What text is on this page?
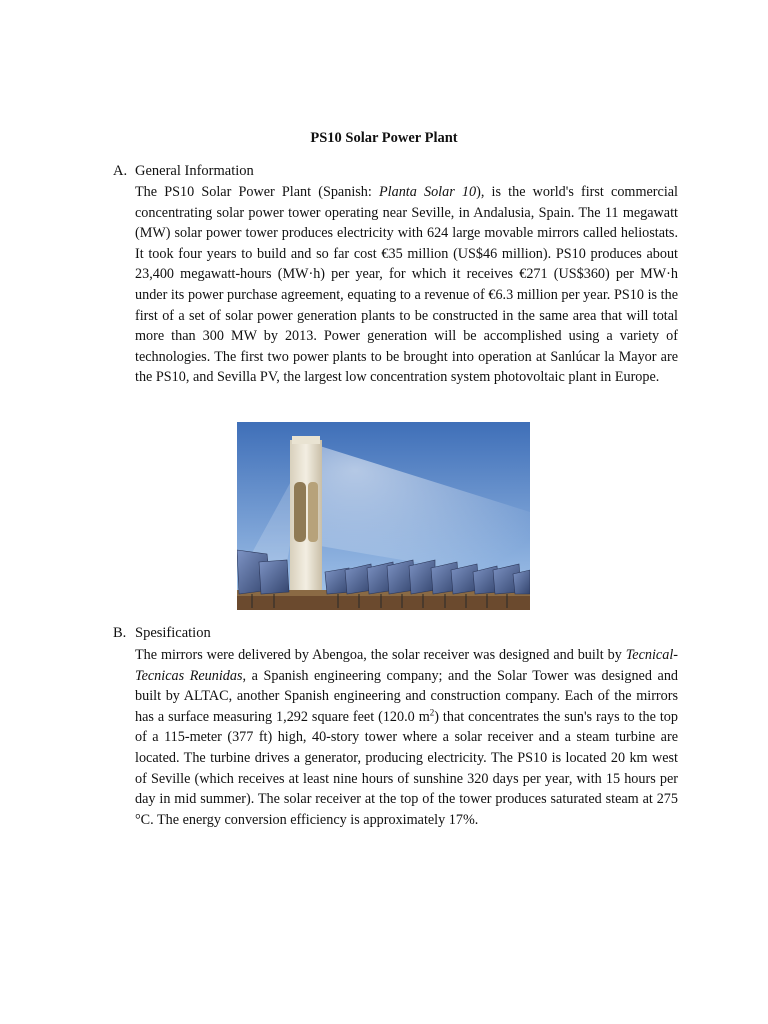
PS10 Solar Power Plant
A. General Information

The PS10 Solar Power Plant (Spanish: Planta Solar 10), is the world's first commercial concentrating solar power tower operating near Seville, in Andalusia, Spain. The 11 megawatt (MW) solar power tower produces electricity with 624 large movable mirrors called heliostats. It took four years to build and so far cost €35 million (US$46 million). PS10 produces about 23,400 megawatt-hours (MW·h) per year, for which it receives €271 (US$360) per MW·h under its power purchase agreement, equating to a revenue of €6.3 million per year. PS10 is the first of a set of solar power generation plants to be constructed in the same area that will total more than 300 MW by 2013. Power generation will be accomplished using a variety of technologies. The first two power plants to be brought into operation at Sanlúcar la Mayor are the PS10, and Sevilla PV, the largest low concentration system photovoltaic plant in Europe.

B. Spesification

The mirrors were delivered by Abengoa, the solar receiver was designed and built by Tecnical-Tecnicas Reunidas, a Spanish engineering company; and the Solar Tower was designed and built by ALTAC, another Spanish engineering and construction company. Each of the mirrors has a surface measuring 1,292 square feet (120.0 $m^2$) that concentrates the sun's rays to the top of a 115-meter (377 ft) high, 40-story tower where a solar receiver and a steam turbine are located. The turbine drives a generator, producing electricity. The PS10 is located 20 km west of Seville (which receives at least nine hours of sunshine 320 days per year, with 15 hours per day in mid summer). The solar receiver at the top of the tower produces saturated steam at 275 °C. The energy conversion efficiency is approximately 17%.
